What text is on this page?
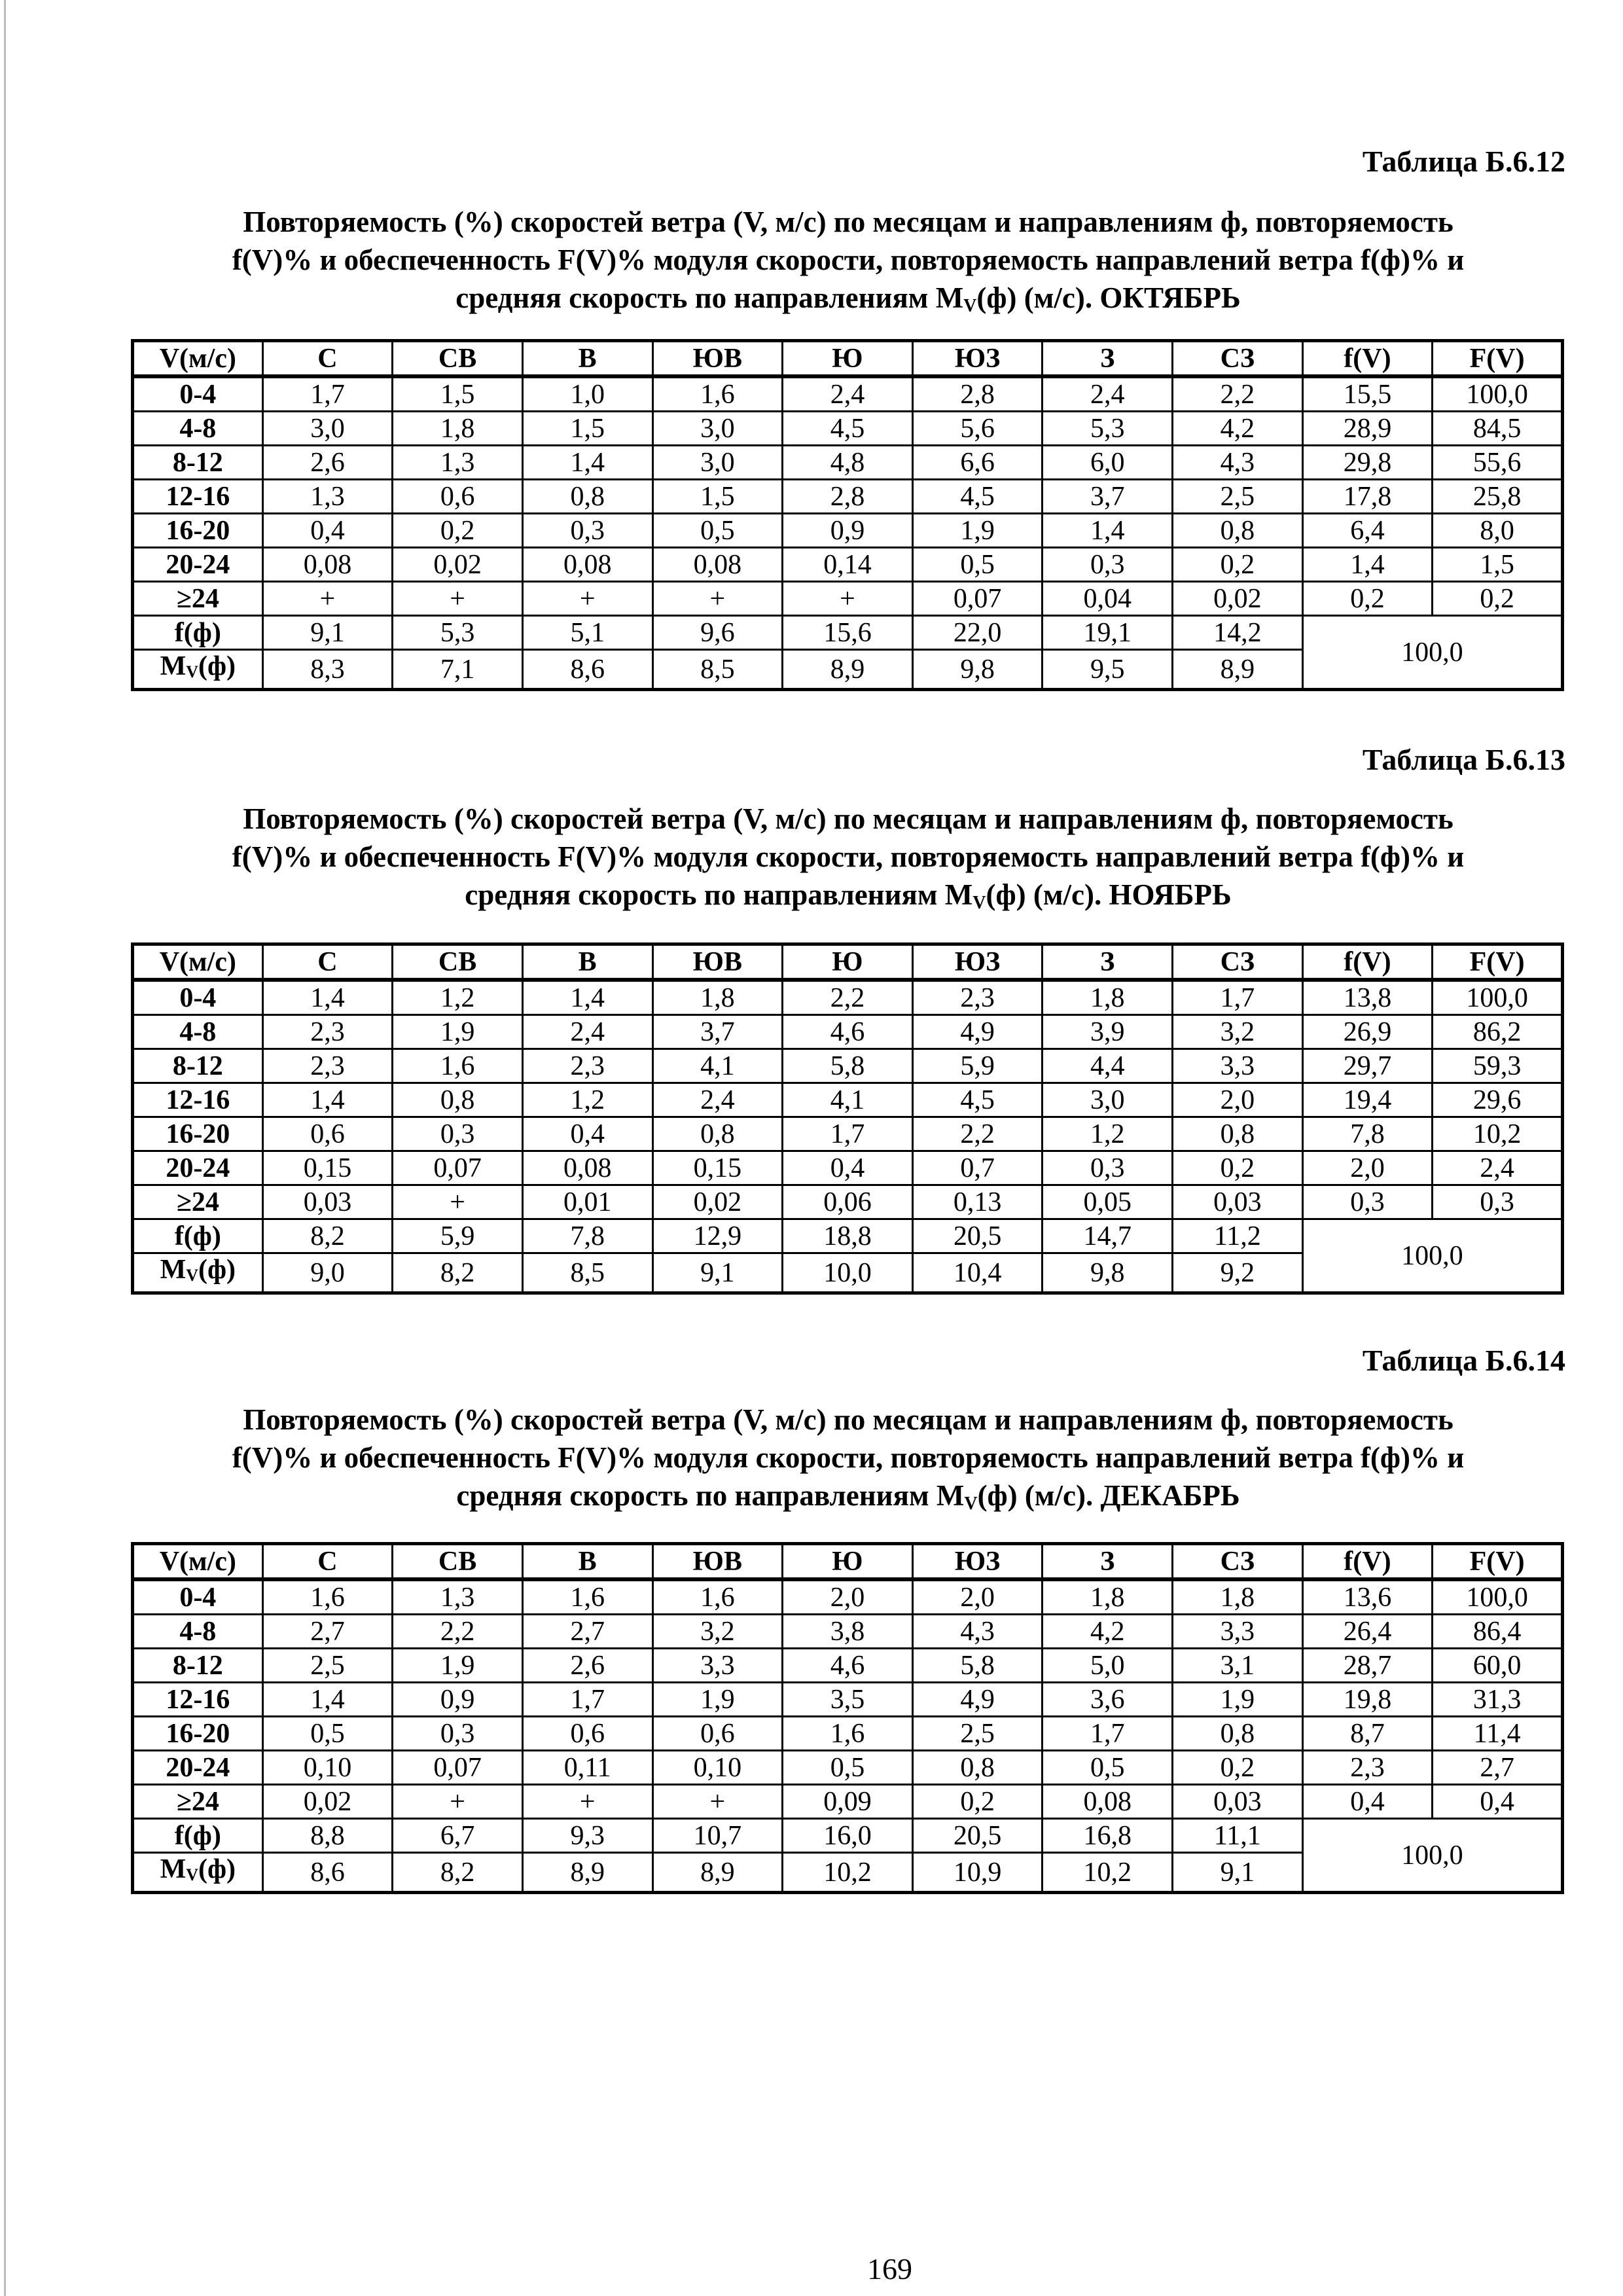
Таблица Б.6.12
Повторяемость (%) скоростей ветра (V, м/с) по месяцам и направлениям ф, повторяемость
f(V)% и обеспеченность F(V)% модуля скорости, повторяемость направлений ветра f(ф)% и
средняя скорость по направлениям $M_V(ф)$ (м/с). ОКТЯБРЬ
V(м/с)	С	СВ	В	ЮВ	Ю	ЮЗ	З	СЗ	f(V)	F(V)
0-4	1,7	1,5	1,0	1,6	2,4	2,8	2,4	2,2	15,5	100,0
4-8	3,0	1,8	1,5	3,0	4,5	5,6	5,3	4,2	28,9	84,5
8-12	2,6	1,3	1,4	3,0	4,8	6,6	6,0	4,3	29,8	55,6
12-16	1,3	0,6	0,8	1,5	2,8	4,5	3,7	2,5	17,8	25,8
16-20	0,4	0,2	0,3	0,5	0,9	1,9	1,4	0,8	6,4	8,0
20-24	0,08	0,02	0,08	0,08	0,14	0,5	0,3	0,2	1,4	1,5
≥24	+	+	+	+	+	0,07	0,04	0,02	0,2	0,2
f(ф)	9,1	5,3	5,1	9,6	15,6	22,0	19,1	14,2	100,0	
$M_V(ф)$	8,3	7,1	8,6	8,5	8,9	9,8	9,5	8,9		
Таблица Б.6.13
Повторяемость (%) скоростей ветра (V, м/с) по месяцам и направлениям ф, повторяемость
f(V)% и обеспеченность F(V)% модуля скорости, повторяемость направлений ветра f(ф)% и
средняя скорость по направлениям $M_V(ф)$ (м/с). НОЯБРЬ
V(м/с)	С	СВ	В	ЮВ	Ю	ЮЗ	З	СЗ	f(V)	F(V)
0-4	1,4	1,2	1,4	1,8	2,2	2,3	1,8	1,7	13,8	100,0
4-8	2,3	1,9	2,4	3,7	4,6	4,9	3,9	3,2	26,9	86,2
8-12	2,3	1,6	2,3	4,1	5,8	5,9	4,4	3,3	29,7	59,3
12-16	1,4	0,8	1,2	2,4	4,1	4,5	3,0	2,0	19,4	29,6
16-20	0,6	0,3	0,4	0,8	1,7	2,2	1,2	0,8	7,8	10,2
20-24	0,15	0,07	0,08	0,15	0,4	0,7	0,3	0,2	2,0	2,4
≥24	0,03	+	0,01	0,02	0,06	0,13	0,05	0,03	0,3	0,3
f(ф)	8,2	5,9	7,8	12,9	18,8	20,5	14,7	11,2	100,0	
$M_V(ф)$	9,0	8,2	8,5	9,1	10,0	10,4	9,8	9,2		
Таблица Б.6.14
Повторяемость (%) скоростей ветра (V, м/с) по месяцам и направлениям ф, повторяемость
f(V)% и обеспеченность F(V)% модуля скорости, повторяемость направлений ветра f(ф)% и
средняя скорость по направлениям $M_V(ф)$ (м/с). ДЕКАБРЬ
V(м/с)	С	СВ	В	ЮВ	Ю	ЮЗ	З	СЗ	f(V)	F(V)
0-4	1,6	1,3	1,6	1,6	2,0	2,0	1,8	1,8	13,6	100,0
4-8	2,7	2,2	2,7	3,2	3,8	4,3	4,2	3,3	26,4	86,4
8-12	2,5	1,9	2,6	3,3	4,6	5,8	5,0	3,1	28,7	60,0
12-16	1,4	0,9	1,7	1,9	3,5	4,9	3,6	1,9	19,8	31,3
16-20	0,5	0,3	0,6	0,6	1,6	2,5	1,7	0,8	8,7	11,4
20-24	0,10	0,07	0,11	0,10	0,5	0,8	0,5	0,2	2,3	2,7
≥24	0,02	+	+	+	0,09	0,2	0,08	0,03	0,4	0,4
f(ф)	8,8	6,7	9,3	10,7	16,0	20,5	16,8	11,1	100,0	
$M_V(ф)$	8,6	8,2	8,9	8,9	10,2	10,9	10,2	9,1		
169
